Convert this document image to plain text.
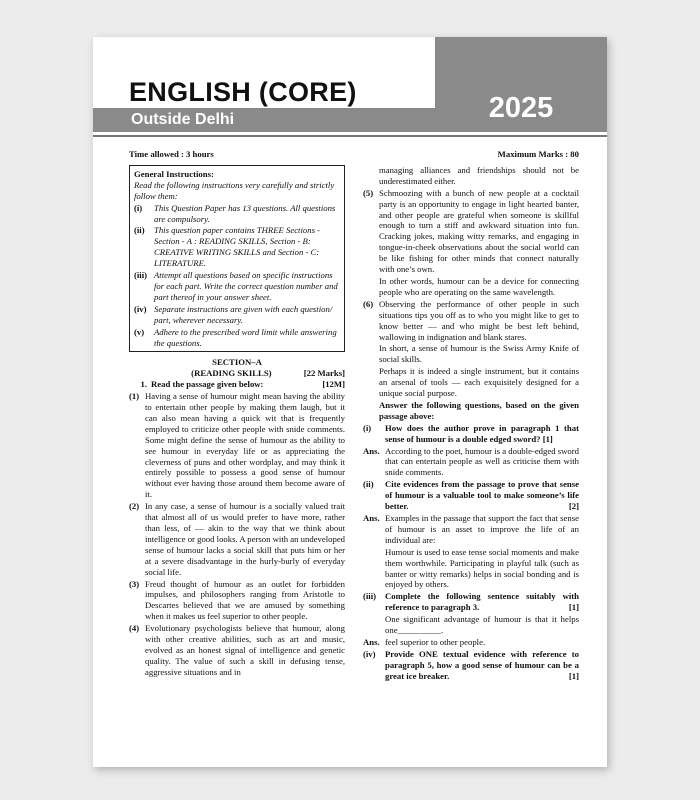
2025
ENGLISH (CORE)
Outside Delhi
Time allowed : 3 hours
General Instructions:
Read the following instructions very carefully and strictly follow them:
(i)	This Question Paper has 13 questions. All questions are compulsory.
(ii)	This question paper contains THREE Sections - Section - A : READING SKILLS, Section - B: CREATIVE WRITING SKILLS and Section - C: LITERATURE.
(iii) Attempt all questions based on specific instructions for each part. Write the correct question number and part thereof in your answer sheet.
(iv) Separate instructions are given with each question/ part, wherever necessary.
(v)	Adhere to the prescribed word limit while answering the questions.
SECTION–A
(READING SKILLS)	[22 Marks]
1. Read the passage given below:	[12M]
(1) Having a sense of humour might mean having the ability to entertain other people by making them laugh, but it can also mean having a quick wit that is frequently employed to criticize other people with snide comments. Some might define the sense of humour as the ability to see humour in everyday life or as appreciating the cleverness of puns and other wordplay, and may think it entirely possible to possess a good sense of humour without ever having those around them become aware of it.
(2) In any case, a sense of humour is a socially valued trait that almost all of us would prefer to have more, rather than less, of — akin to the way that we think about intelligence or good looks. A person with an undeveloped sense of humour lacks a social skill that puts him or her at a severe disadvantage in the hurly-burly of everyday social life.
(3) Freud thought of humour as an outlet for forbidden impulses, and philosophers ranging from Aristotle to Descartes believed that we are amused by something when it makes us feel superior to other people.
(4) Evolutionary psychologists believe that humour, along with other creative abilities, such as art and music, evolved as an honest signal of intelligence and genetic quality. The value of such a skill in defusing tense, aggressive situations and in
Maximum Marks : 80
managing alliances and friendships should not be underestimated either.
(5) Schmoozing with a bunch of new people at a cocktail party is an opportunity to engage in light hearted banter, and other people are grateful when someone is skillful enough to turn a stiff and awkward situation into fun. Cracking jokes, making witty remarks, and engaging in tongue-in-cheek observations about the social world can be like fishing for other minds that connect naturally with one’s own.
In other words, humour can be a device for connecting people who are operating on the same wavelength.
(6) Observing the performance of other people in such situations tips you off as to who you might like to get to know better — and who might be best left behind, wallowing in indignation and blank stares.
In short, a sense of humour is the Swiss Army Knife of social skills.
Perhaps it is indeed a single instrument, but it contains an arsenal of tools — each exquisitely designed for a unique social purpose.
Answer the following questions, based on the given passage above:
(i)	How does the author prove in paragraph 1 that sense of humour is a double edged sword? [1]
Ans. According to the poet, humour is a double-edged sword that can entertain people as well as criticise them with snide comments.
(ii)	Cite evidences from the passage to prove that sense of humour is a valuable tool to make someone’s life better.	[2]
Ans. Examples in the passage that support the fact that sense of humour is an asset to improve the life of an individual are:
Humour is used to ease tense social moments and make them worthwhile. Participating in playful talk (such as banter or witty remarks) helps in social bonding and is enjoyed by others.
(iii)	Complete the following sentence suitably with reference to paragraph 3.	[1]
One significant advantage of humour is that it helps one__________.
Ans. feel superior to other people.
(iv)	Provide ONE textual evidence with reference to paragraph 5, how a good sense of humour can be a great ice breaker.	[1]
